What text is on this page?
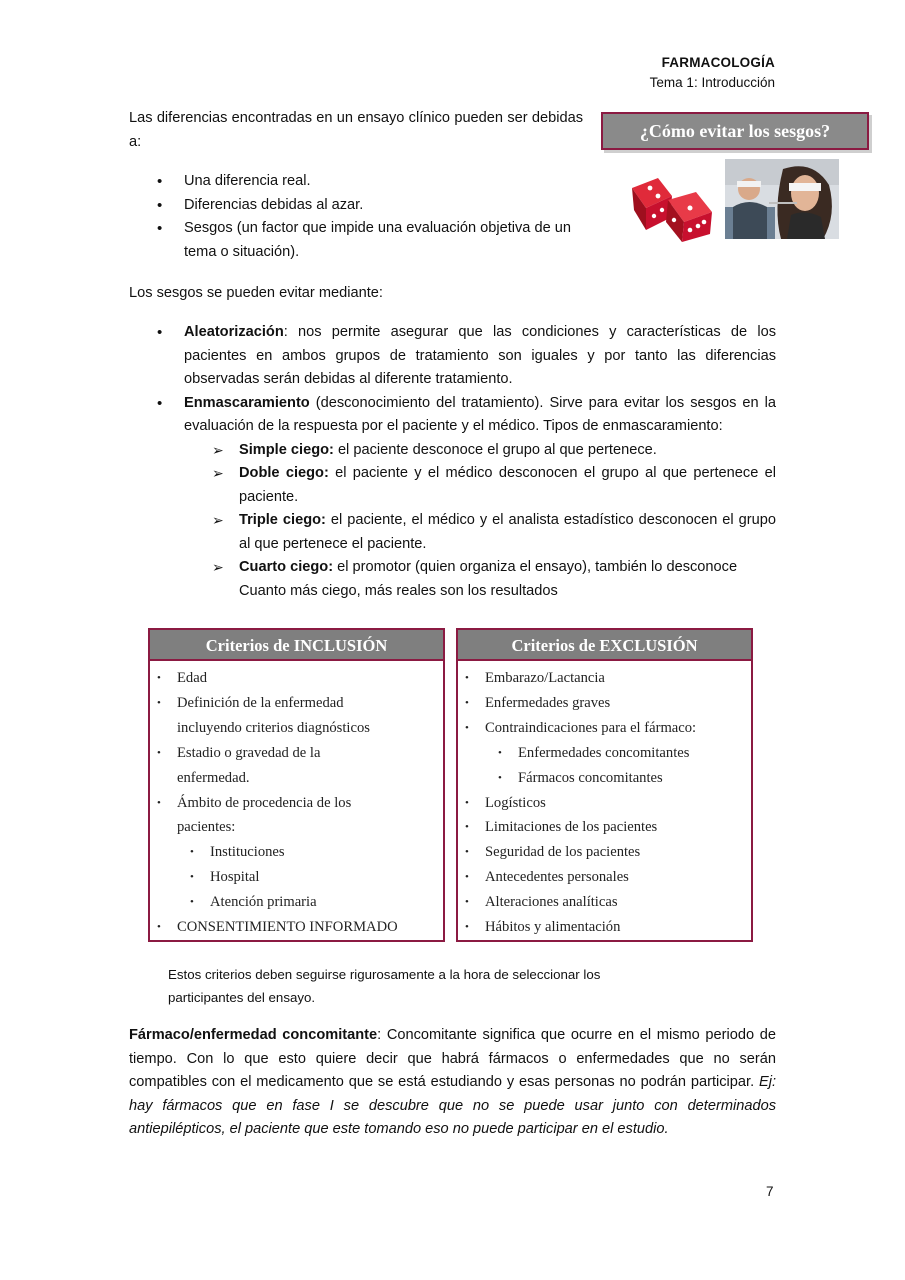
FARMACOLOGÍA
Tema 1: Introducción

Las diferencias encontradas en un ensayo clínico pueden ser debidas a:

• Una diferencia real.
• Diferencias debidas al azar.
• Sesgos (un factor que impide una evaluación objetiva de un tema o situación).
¿Cómo evitar los sesgos?

Los sesgos se pueden evitar mediante:

• Aleatorización: nos permite asegurar que las condiciones y características de los pacientes en ambos grupos de tratamiento son iguales y por tanto las diferencias observadas serán debidas al diferente tratamiento.
• Enmascaramiento (desconocimiento del tratamiento). Sirve para evitar los sesgos en la evaluación de la respuesta por el paciente y el médico. Tipos de enmascaramiento:
➢ Simple ciego: el paciente desconoce el grupo al que pertenece.
➢ Doble ciego: el paciente y el médico desconocen el grupo al que pertenece el paciente.
➢ Triple ciego: el paciente, el médico y el analista estadístico desconocen el grupo al que pertenece el paciente.
➢ Cuarto ciego: el promotor (quien organiza el ensayo), también lo desconoce
Cuanto más ciego, más reales son los resultados
Criterios de INCLUSIÓN
• Edad
• Definición de la enfermedad
incluyendo criterios diagnósticos
• Estadio o gravedad de la
enfermedad.
• Ámbito de procedencia de los
pacientes:
• Instituciones
• Hospital
• Atención primaria
• CONSENTIMIENTO INFORMADO
Criterios de EXCLUSIÓN
• Embarazo/Lactancia
• Enfermedades graves
• Contraindicaciones para el fármaco:
• Enfermedades concomitantes
• Fármacos concomitantes
• Logísticos
• Limitaciones de los pacientes
• Seguridad de los pacientes
• Antecedentes personales
• Alteraciones analíticas
• Hábitos y alimentación

Estos criterios deben seguirse rigurosamente a la hora de seleccionar los participantes del ensayo.

Fármaco/enfermedad concomitante: Concomitante significa que ocurre en el mismo periodo de tiempo. Con lo que esto quiere decir que habrá fármacos o enfermedades que no serán compatibles con el medicamento que se está estudiando y esas personas no podrán participar. Ej: hay fármacos que en fase I se descubre que no se puede usar junto con determinados antiepilépticos, el paciente que este tomando eso no puede participar en el estudio.

7
